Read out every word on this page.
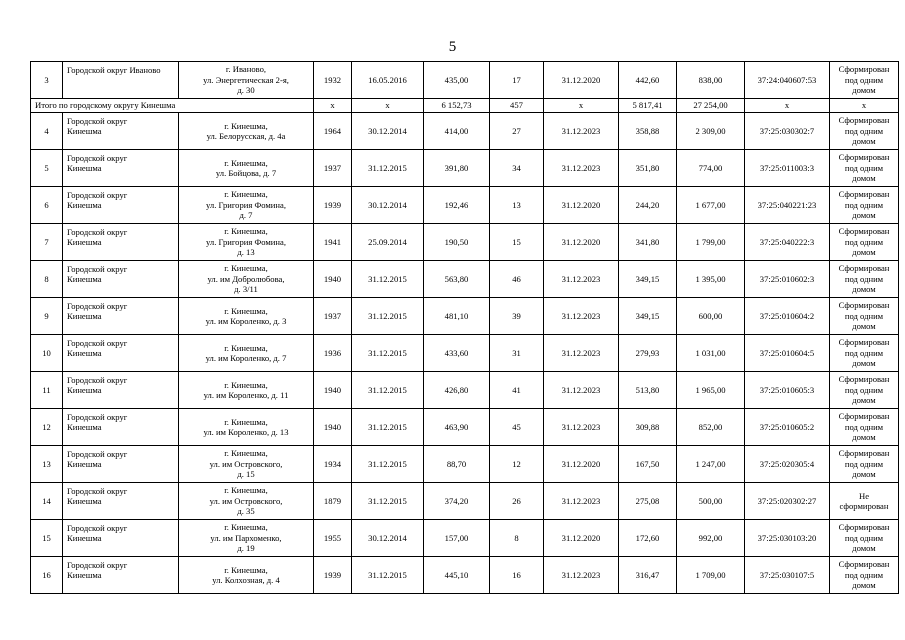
5
3	Городской округ Иваново	г. Иваново,
ул. Энергетическая 2-я,
д. 30	1932	16.05.2016	435,00	17	31.12.2020	442,60	838,00	37:24:040607:53	Сформирован
под одним
домом

Итого по городскому округу Кинешма			x	x	6 152,73	457	x	5 817,41	27 254,00	x	x
4	Городской округ
Кинешма	г. Кинешма,
ул. Белорусская, д. 4а	1964	30.12.2014	414,00	27	31.12.2023	358,88	2 309,00	37:25:030302:7	Сформирован
под одним
домом

5	Городской округ
Кинешма	г. Кинешма,
ул. Бойцова, д. 7	1937	31.12.2015	391,80	34	31.12.2023	351,80	774,00	37:25:011003:3	Сформирован
под одним
домом

6	Городской округ
Кинешма	г. Кинешма,
ул. Григория Фомина,
д. 7	1939	30.12.2014	192,46	13	31.12.2020	244,20	1 677,00	37:25:040221:23	Сформирован
под одним
домом

7	Городской округ
Кинешма	г. Кинешма,
ул. Григория Фомина,
д. 13	1941	25.09.2014	190,50	15	31.12.2020	341,80	1 799,00	37:25:040222:3	Сформирован
под одним
домом

8	Городской округ
Кинешма	г. Кинешма,
ул. им Добролюбова,
д. 3/11	1940	31.12.2015	563,80	46	31.12.2023	349,15	1 395,00	37:25:010602:3	Сформирован
под одним
домом

9	Городской округ
Кинешма	г. Кинешма,
ул. им Короленко, д. 3	1937	31.12.2015	481,10	39	31.12.2023	349,15	600,00	37:25:010604:2	Сформирован
под одним
домом

10	Городской округ
Кинешма	г. Кинешма,
ул. им Короленко, д. 7	1936	31.12.2015	433,60	31	31.12.2023	279,93	1 031,00	37:25:010604:5	Сформирован
под одним
домом

11	Городской округ
Кинешма	г. Кинешма,
ул. им Короленко, д. 11	1940	31.12.2015	426,80	41	31.12.2023	513,80	1 965,00	37:25:010605:3	Сформирован
под одним
домом

12	Городской округ
Кинешма	г. Кинешма,
ул. им Короленко, д. 13	1940	31.12.2015	463,90	45	31.12.2023	309,88	852,00	37:25:010605:2	Сформирован
под одним
домом

13	Городской округ
Кинешма	г. Кинешма,
ул. им Островского,
д. 15	1934	31.12.2015	88,70	12	31.12.2020	167,50	1 247,00	37:25:020305:4	Сформирован
под одним
домом

14	Городской округ
Кинешма	г. Кинешма,
ул. им Островского,
д. 35	1879	31.12.2015	374,20	26	31.12.2023	275,08	500,00	37:25:020302:27	Не
сформирован

15	Городской округ
Кинешма	г. Кинешма,
ул. им Пархоменко,
д. 19	1955	30.12.2014	157,00	8	31.12.2020	172,60	992,00	37:25:030103:20	Сформирован
под одним
домом

16	Городской округ
Кинешма	г. Кинешма,
ул. Колхозная, д. 4	1939	31.12.2015	445,10	16	31.12.2023	316,47	1 709,00	37:25:030107:5	Сформирован
под одним
домом
